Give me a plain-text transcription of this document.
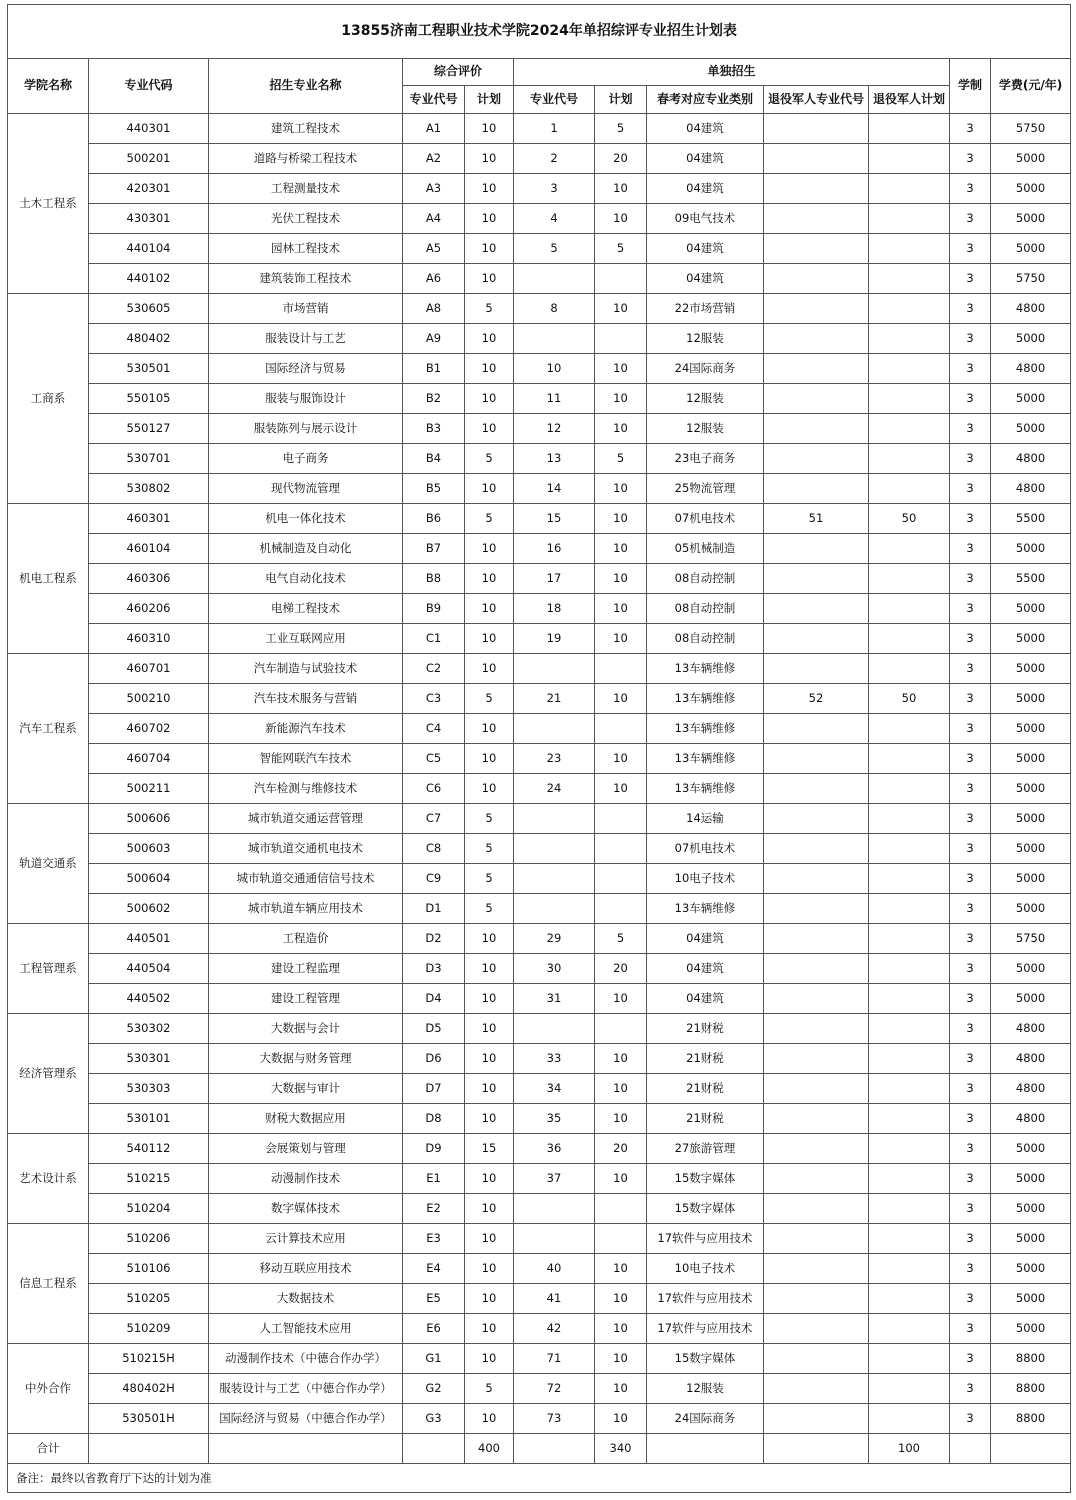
13855济南工程职业技术学院2024年单招综评专业招生计划表											
学院名称	专业代码	招生专业名称	综合评价		单独招生					学制	学费(元/年)
			专业代号	计划	专业代号	计划	春考对应专业类别	退役军人专业代号	退役军人计划		
土木工程系	440301	建筑工程技术	A1	10	1	5	04建筑			3	5750
	500201	道路与桥梁工程技术	A2	10	2	20	04建筑			3	5000
	420301	工程测量技术	A3	10	3	10	04建筑			3	5000
	430301	光伏工程技术	A4	10	4	10	09电气技术			3	5000
	440104	园林工程技术	A5	10	5	5	04建筑			3	5000
	440102	建筑装饰工程技术	A6	10			04建筑			3	5750
工商系	530605	市场营销	A8	5	8	10	22市场营销			3	4800
	480402	服装设计与工艺	A9	10			12服装			3	5000
	530501	国际经济与贸易	B1	10	10	10	24国际商务			3	4800
	550105	服装与服饰设计	B2	10	11	10	12服装			3	5000
	550127	服装陈列与展示设计	B3	10	12	10	12服装			3	5000
	530701	电子商务	B4	5	13	5	23电子商务			3	4800
	530802	现代物流管理	B5	10	14	10	25物流管理			3	4800
机电工程系	460301	机电一体化技术	B6	5	15	10	07机电技术	51	50	3	5500
	460104	机械制造及自动化	B7	10	16	10	05机械制造			3	5000
	460306	电气自动化技术	B8	10	17	10	08自动控制			3	5500
	460206	电梯工程技术	B9	10	18	10	08自动控制			3	5000
	460310	工业互联网应用	C1	10	19	10	08自动控制			3	5000
汽车工程系	460701	汽车制造与试验技术	C2	10			13车辆维修			3	5000
	500210	汽车技术服务与营销	C3	5	21	10	13车辆维修	52	50	3	5000
	460702	新能源汽车技术	C4	10			13车辆维修			3	5000
	460704	智能网联汽车技术	C5	10	23	10	13车辆维修			3	5000
	500211	汽车检测与维修技术	C6	10	24	10	13车辆维修			3	5000
轨道交通系	500606	城市轨道交通运营管理	C7	5			14运输			3	5000
	500603	城市轨道交通机电技术	C8	5			07机电技术			3	5000
	500604	城市轨道交通通信信号技术	C9	5			10电子技术			3	5000
	500602	城市轨道车辆应用技术	D1	5			13车辆维修			3	5000
工程管理系	440501	工程造价	D2	10	29	5	04建筑			3	5750
	440504	建设工程监理	D3	10	30	20	04建筑			3	5000
	440502	建设工程管理	D4	10	31	10	04建筑			3	5000
经济管理系	530302	大数据与会计	D5	10			21财税			3	4800
	530301	大数据与财务管理	D6	10	33	10	21财税			3	4800
	530303	大数据与审计	D7	10	34	10	21财税			3	4800
	530101	财税大数据应用	D8	10	35	10	21财税			3	4800
艺术设计系	540112	会展策划与管理	D9	15	36	20	27旅游管理			3	5000
	510215	动漫制作技术	E1	10	37	10	15数字媒体			3	5000
	510204	数字媒体技术	E2	10			15数字媒体			3	5000
信息工程系	510206	云计算技术应用	E3	10			17软件与应用技术			3	5000
	510106	移动互联应用技术	E4	10	40	10	10电子技术			3	5000
	510205	大数据技术	E5	10	41	10	17软件与应用技术			3	5000
	510209	人工智能技术应用	E6	10	42	10	17软件与应用技术			3	5000
中外合作	510215H	动漫制作技术（中德合作办学）	G1	10	71	10	15数字媒体			3	8800
	480402H	服装设计与工艺（中德合作办学）	G2	5	72	10	12服装			3	8800
	530501H	国际经济与贸易（中德合作办学）	G3	10	73	10	24国际商务			3	8800
合计				400		340			100		
备注：最终以省教育厅下达的计划为准											
